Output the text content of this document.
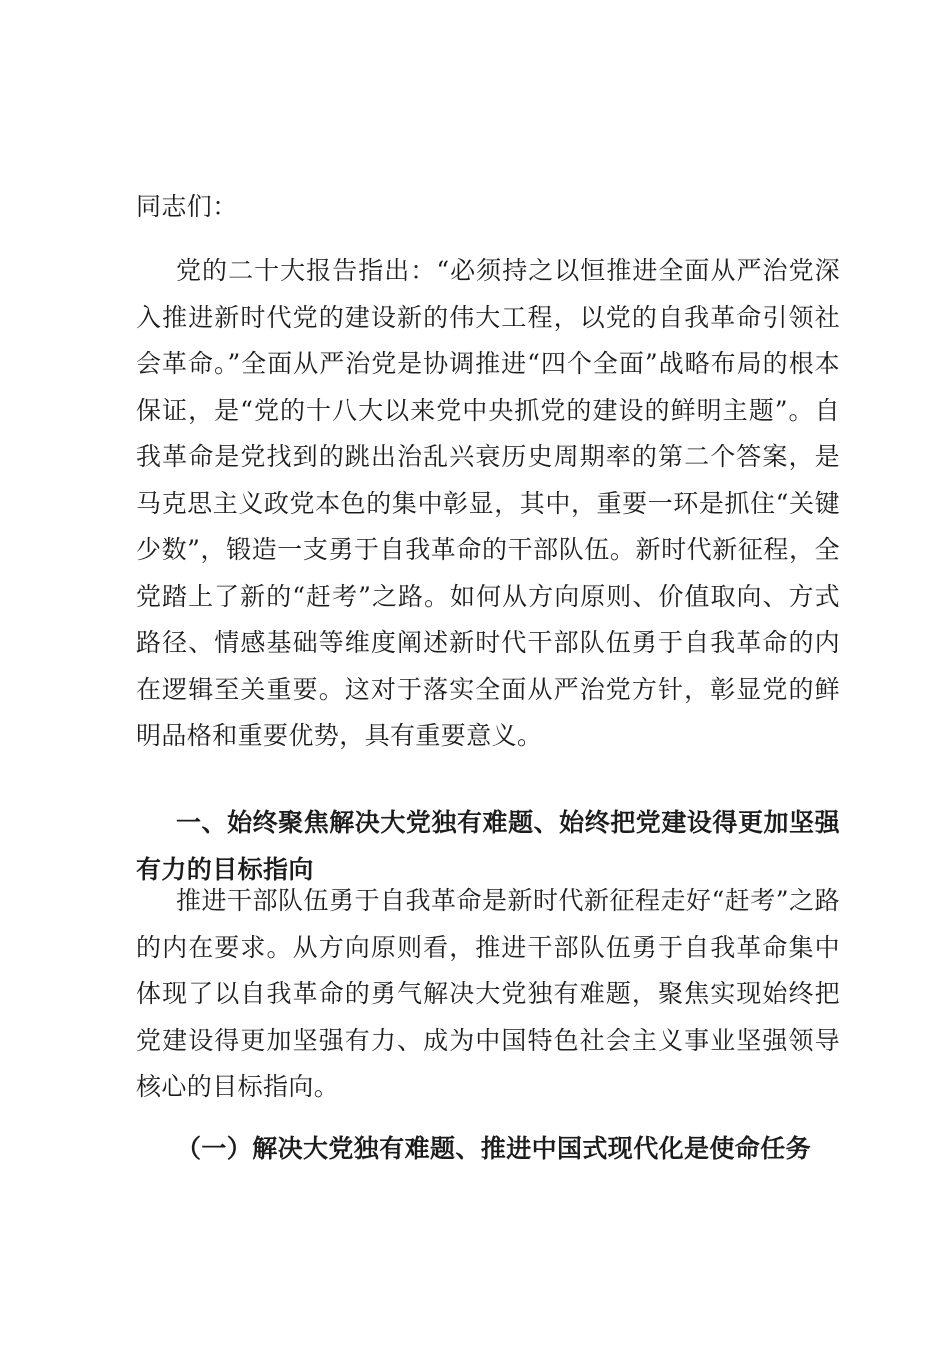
同志们：

党的二十大报告指出：“必须持之以恒推进全面从严治党深入推进新时代党的建设新的伟大工程，以党的自我革命引领社会革命。”全面从严治党是协调推进“四个全面”战略布局的根本保证，是“党的十八大以来党中央抓党的建设的鲜明主题”。自我革命是党找到的跳出治乱兴衰历史周期率的第二个答案，是马克思主义政党本色的集中彰显，其中，重要一环是抓住“关键少数”，锻造一支勇于自我革命的干部队伍。新时代新征程，全党踏上了新的“赶考”之路。如何从方向原则、价值取向、方式路径、情感基础等维度阐述新时代干部队伍勇于自我革命的内在逻辑至关重要。这对于落实全面从严治党方针，彰显党的鲜明品格和重要优势，具有重要意义。

一、始终聚焦解决大党独有难题、始终把党建设得更加坚强有力的目标指向

推进干部队伍勇于自我革命是新时代新征程走好“赶考”之路的内在要求。从方向原则看，推进干部队伍勇于自我革命集中体现了以自我革命的勇气解决大党独有难题，聚焦实现始终把党建设得更加坚强有力、成为中国特色社会主义事业坚强领导核心的目标指向。

（一）解决大党独有难题、推进中国式现代化是使命任务
